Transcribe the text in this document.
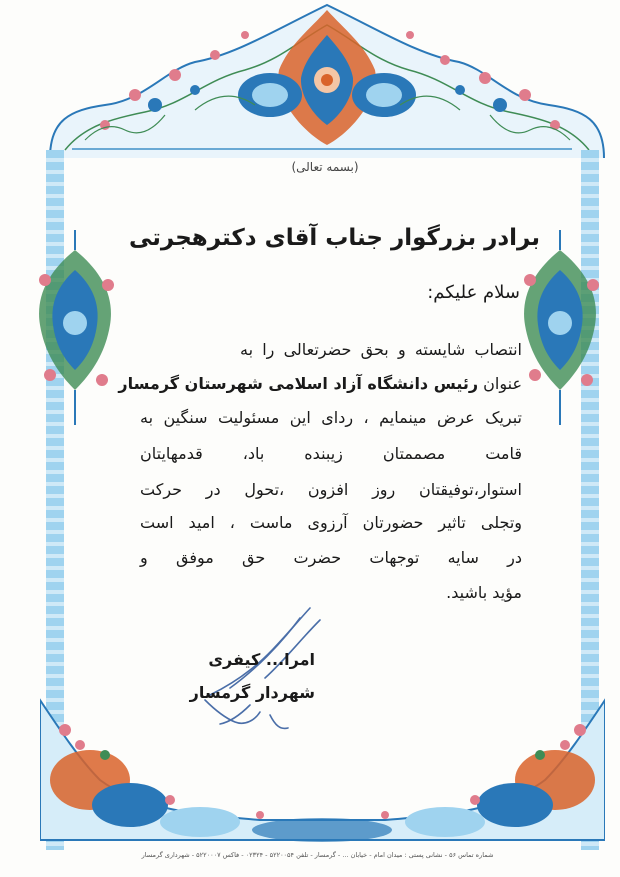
(بسمه تعالی)
برادر بزرگوار جناب آقای دکترهجرتی
سلام علیکم:
انتصاب شایسته و بحق حضرتعالی را به
عنوان رئیس دانشگاه آزاد اسلامی شهرستان گرمسار
تبریک عرض مینمایم ، ردای این مسئولیت سنگین به
قامت مصممتان زیبنده باد، قدمهایتان
استوار،توفیقتان روز افزون ،تحول در حرکت
وتجلی تاثیر حضورتان آرزوی ماست ، امید است
در سایه توجهات حضرت حق موفق و
مؤید باشید.
امرا... کیفری
شهردار گرمسار
شماره تماس ۵۶ - نشانی پستی : میدان امام - خیابان ... - گرمسار - تلفن ۵۲۲۰۰۵۴ - ۰۲۳۲۴ - فاکس ۵۲۲۰۰۰۷ - شهرداری گرمسار
